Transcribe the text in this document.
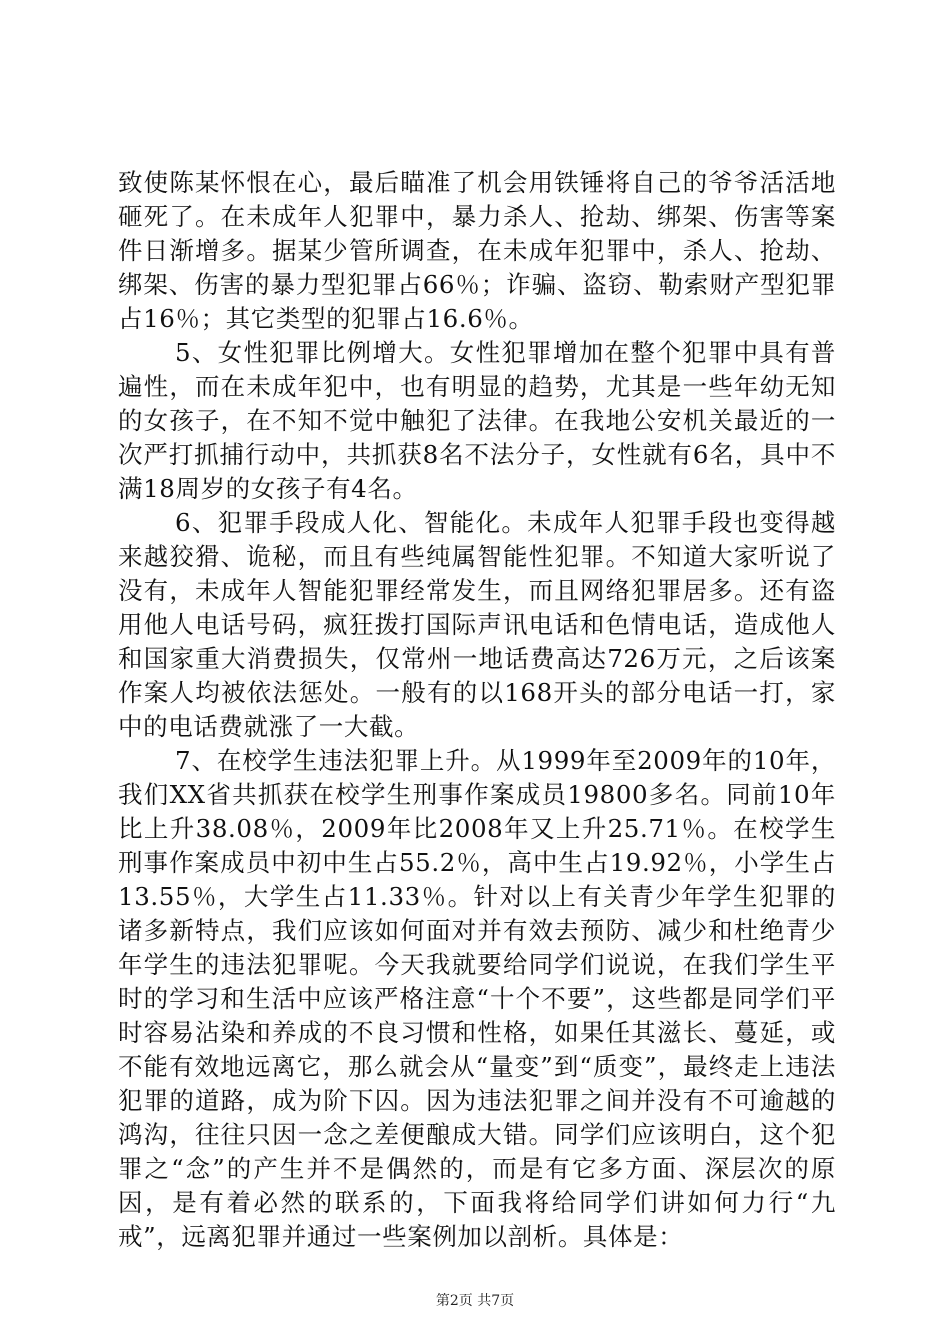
致使陈某怀恨在心，最后瞄准了机会用铁锤将自己的爷爷活活地砸死了。在未成年人犯罪中，暴力杀人、抢劫、绑架、伤害等案件日渐增多。据某少管所调查，在未成年犯罪中，杀人、抢劫、绑架、伤害的暴力型犯罪占66％；诈骗、盗窃、勒索财产型犯罪占16％；其它类型的犯罪占16.6％。

5、女性犯罪比例增大。女性犯罪增加在整个犯罪中具有普遍性，而在未成年犯中，也有明显的趋势，尤其是一些年幼无知的女孩子，在不知不觉中触犯了法律。在我地公安机关最近的一次严打抓捕行动中，共抓获8名不法分子，女性就有6名，具中不满18周岁的女孩子有4名。

6、犯罪手段成人化、智能化。未成年人犯罪手段也变得越来越狡猾、诡秘，而且有些纯属智能性犯罪。不知道大家听说了没有，未成年人智能犯罪经常发生，而且网络犯罪居多。还有盗用他人电话号码，疯狂拨打国际声讯电话和色情电话，造成他人和国家重大消费损失，仅常州一地话费高达726万元，之后该案作案人均被依法惩处。一般有的以168开头的部分电话一打，家中的电话费就涨了一大截。

7、在校学生违法犯罪上升。从1999年至2009年的10年，我们XX省共抓获在校学生刑事作案成员19800多名。同前10年比上升38.08％，2009年比2008年又上升25.71％。在校学生刑事作案成员中初中生占55.2％，高中生占19.92％，小学生占13.55％，大学生占11.33％。针对以上有关青少年学生犯罪的诸多新特点，我们应该如何面对并有效去预防、减少和杜绝青少年学生的违法犯罪呢。今天我就要给同学们说说，在我们学生平时的学习和生活中应该严格注意“十个不要”，这些都是同学们平时容易沾染和养成的不良习惯和性格，如果任其滋长、蔓延，或不能有效地远离它，那么就会从“量变”到“质变”，最终走上违法犯罪的道路，成为阶下囚。因为违法犯罪之间并没有不可逾越的鸿沟，往往只因一念之差便酿成大错。同学们应该明白，这个犯罪之“念”的产生并不是偶然的，而是有它多方面、深层次的原因，是有着必然的联系的，下面我将给同学们讲如何力行“九戒”，远离犯罪并通过一些案例加以剖析。具体是：

第2页 共7页
